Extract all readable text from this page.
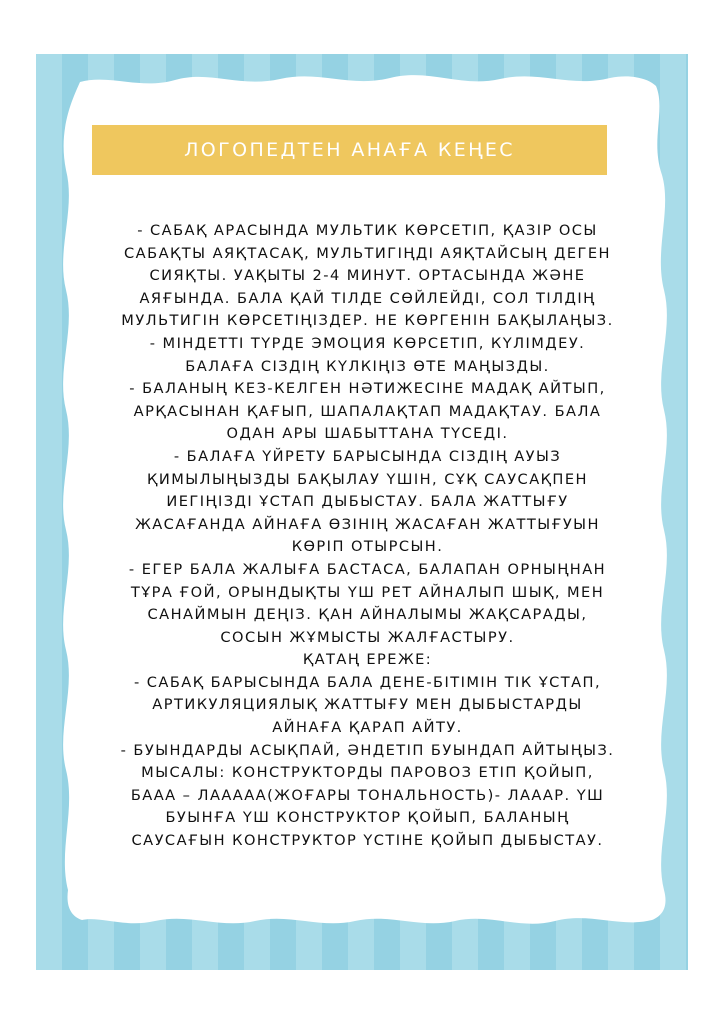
ЛОГОПЕДТЕН АНАҒА КЕҢЕС
- САБАҚ АРАСЫНДА МУЛЬТИК КӨРСЕТІП, ҚАЗІР ОСЫ
САБАҚТЫ АЯҚТАСАҚ, МУЛЬТИГІҢДІ АЯҚТАЙСЫҢ ДЕГЕН
СИЯҚТЫ. УАҚЫТЫ 2-4 МИНУТ. ОРТАСЫНДА ЖӘНЕ
АЯҒЫНДА. БАЛА ҚАЙ ТІЛДЕ СӨЙЛЕЙДІ, СОЛ ТІЛДІҢ
МУЛЬТИГІН КӨРСЕТІҢІЗДЕР. НЕ КӨРГЕНІН БАҚЫЛАҢЫЗ.
- МІНДЕТТІ ТҮРДЕ ЭМОЦИЯ КӨРСЕТІП, КҮЛІМДЕУ.
БАЛАҒА СІЗДІҢ КҮЛКІҢІЗ ӨТЕ МАҢЫЗДЫ.
- БАЛАНЫҢ КЕЗ-КЕЛГЕН НӘТИЖЕСІНЕ МАДАҚ АЙТЫП,
АРҚАСЫНАН ҚАҒЫП, ШАПАЛАҚТАП МАДАҚТАУ. БАЛА
ОДАН АРЫ ШАБЫТТАНА ТҮСЕДІ.
- БАЛАҒА ҮЙРЕТУ БАРЫСЫНДА СІЗДІҢ АУЫЗ
ҚИМЫЛЫҢЫЗДЫ БАҚЫЛАУ ҮШІН, СҰҚ САУСАҚПЕН
ИЕГІҢІЗДІ ҰСТАП ДЫБЫСТАУ. БАЛА ЖАТТЫҒУ
ЖАСАҒАНДА АЙНАҒА ӨЗІНІҢ ЖАСАҒАН ЖАТТЫҒУЫН
КӨРІП ОТЫРСЫН.
- ЕГЕР БАЛА ЖАЛЫҒА БАСТАСА, БАЛАПАН ОРНЫҢНАН
ТҰРА ҒОЙ, ОРЫНДЫҚТЫ ҮШ РЕТ АЙНАЛЫП ШЫҚ, МЕН
САНАЙМЫН ДЕҢІЗ. ҚАН АЙНАЛЫМЫ ЖАҚСАРАДЫ,
СОСЫН ЖҰМЫСТЫ ЖАЛҒАСТЫРУ.
ҚАТАҢ ЕРЕЖЕ:
- САБАҚ БАРЫСЫНДА БАЛА ДЕНЕ-БІТІМІН ТІК ҰСТАП,
АРТИКУЛЯЦИЯЛЫҚ ЖАТТЫҒУ МЕН ДЫБЫСТАРДЫ
АЙНАҒА ҚАРАП АЙТУ.
- БУЫНДАРДЫ АСЫҚПАЙ, ӘНДЕТІП БУЫНДАП АЙТЫҢЫЗ.
МЫСАЛЫ: КОНСТРУКТОРДЫ ПАРОВОЗ ЕТІП ҚОЙЫП,
БААА – ЛААААА(ЖОҒАРЫ ТОНАЛЬНОСТЬ)- ЛААAР. ҮШ
БУЫНҒА ҮШ КОНСТРУКТОР ҚОЙЫП, БАЛАНЫҢ
САУСАҒЫН КОНСТРУКТОР ҮСТІНЕ ҚОЙЫП ДЫБЫСТАУ.
